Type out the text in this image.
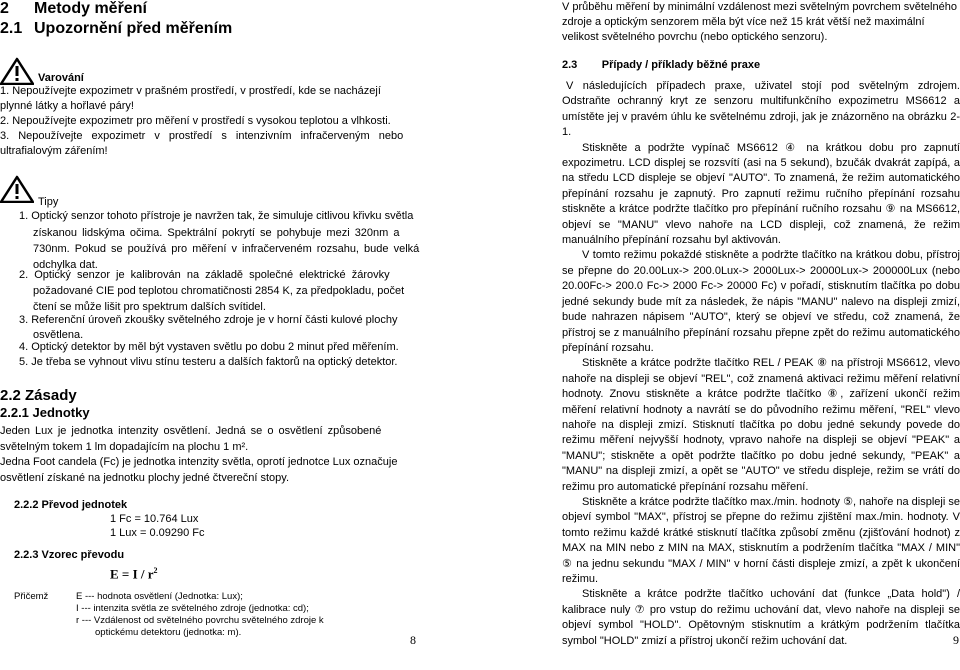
2 Metody měření
2.1 Upozornění před měřením
Varování
1. Nepoužívejte expozimetr v prašném prostředí, v prostředí, kde se nacházejí
plynné látky a hořlavé páry!
2. Nepoužívejte expozimetr pro měření v prostředí s vysokou teplotou a vlhkosti.
3. Nepoužívejte expozimetr v prostředí s intenzivním infračerveným nebo
ultrafialovým zářením!
Tipy
1. Optický senzor tohoto přístroje je navržen tak, že simuluje citlivou křivku světla
získanou lidskýma očima. Spektrální pokrytí se pohybuje mezi 320nm a
730nm. Pokud se používá pro měření v infračerveném rozsahu, bude velká
odchylka dat.
2. Optický senzor je kalibrován na základě společné elektrické žárovky
požadované CIE pod teplotou chromatičnosti 2854 K, za předpokladu, počet
čtení se může lišit pro spektrum dalších svítidel.
3. Referenční úroveň zkoušky světelného zdroje je v horní části kulové plochy
osvětlena.
4. Optický detektor by měl být vystaven světlu po dobu 2 minut před měřením.
5. Je třeba se vyhnout vlivu stínu testeru a dalších faktorů na optický detektor.
2.2 Zásady
2.2.1 Jednotky
Jeden Lux je jednotka intenzity osvětlení. Jedná se o osvětlení způsobené
světelným tokem 1 lm dopadajícím na plochu 1 m².
Jedna Foot candela (Fc) je jednotka intenzity světla, oprotí jednotce Lux označuje
osvětlení získané na jednotku plochy jedné čtvereční stopy.
2.2.2 Převod jednotek
1 Fc = 10.764 Lux
1 Lux = 0.09290 Fc
2.2.3 Vzorec převodu
$E = I / r^2$
Přičemž	E --- hodnota osvětlení (Jednotka: Lux);
I --- intenzita světla ze světelného zdroje (jednotka: cd);
r --- Vzdálenost od světelného povrchu světelného zdroje k
optickému detektoru (jednotka: m).
8
V průběhu měření by minimální vzdálenost mezi světelným povrchem světelného
zdroje a optickým senzorem měla být více než 15 krát větší než maximální
velikost světelného povrchu (nebo optického senzoru).
2.3        Případy / příklady běžné praxe
V následujících případech praxe, uživatel stojí pod světelným zdrojem. Odstraňte ochranný kryt ze senzoru multifunkčního expozimetru MS6612 a umístěte jej v pravém úhlu ke světelnému zdroji, jak je znázorněno na obrázku 2-1.
Stiskněte a podržte vypínač MS6612 ④ na krátkou dobu pro zapnutí expozimetru. LCD displej se rozsvítí (asi na 5 sekund), bzučák dvakrát zapípá, a na středu LCD displeje se objeví "AUTO". To znamená, že režim automatického přepínání rozsahu je zapnutý. Pro zapnutí režimu ručního přepínání rozsahu stiskněte a krátce podržte tlačítko pro přepínání ručního rozsahu ⑨ na MS6612, objeví se "MANU" vlevo nahoře na LCD displeji, což znamená, že režim manuálního přepínání rozsahu byl aktivován.
V tomto režimu pokaždé stiskněte a podržte tlačítko na krátkou dobu, přístroj se přepne do 20.00Lux-> 200.0Lux-> 2000Lux-> 20000Lux-> 200000Lux (nebo 20.00Fc-> 200.0 Fc-> 2000 Fc-> 20000 Fc) v pořadí, stisknutím tlačítka po dobu jedné sekundy bude mít za následek, že nápis "MANU" nalevo na displeji zmizí, bude nahrazen nápisem "AUTO", který se objeví ve středu, což znamená, že přístroj se z manuálního přepínání rozsahu přepne zpět do režimu automatického přepínání rozsahu.
Stiskněte a krátce podržte tlačítko REL / PEAK ⑧ na přístroji MS6612, vlevo nahoře na displeji se objeví "REL", což znamená aktivaci režimu měření relativní hodnoty. Znovu stiskněte a krátce podržte tlačítko ⑧, zařízení ukončí režim měření relativní hodnoty a navrátí se do původního režimu měření, "REL" vlevo nahoře na displeji zmizí. Stisknutí tlačítka po dobu jedné sekundy povede do režimu měření nejvyšší hodnoty, vpravo nahoře na displeji se objeví "PEAK" a "MANU"; stiskněte a opět podržte tlačítko po dobu jedné sekundy, "PEAK" a "MANU" na displeji zmizí, a opět se "AUTO" ve středu displeje, režim se vrátí do režimu pro automatické přepínání rozsahu měření.
Stiskněte a krátce podržte tlačítko max./min. hodnoty ⑤, nahoře na displeji se objeví symbol "MAX", přístroj se přepne do režimu zjištění max./min. hodnoty. V tomto režimu každé krátké stisknutí tlačítka způsobí změnu (zjišťování hodnot) z MAX na MIN nebo z MIN na MAX, stisknutím a podržením tlačítka "MAX / MIN" ⑤ na jednu sekundu "MAX / MIN" v horní části displeje zmizí, a zpět k ukončení režimu.
Stiskněte a krátce podržte tlačítko uchování dat (funkce „Data hold") / kalibrace nuly ⑦ pro vstup do režimu uchování dat, vlevo nahoře na displeji se objeví symbol "HOLD". Opětovným stisknutím a krátkým podržením tlačítka symbol "HOLD" zmizí a přístroj ukončí režim uchování dat.	9
